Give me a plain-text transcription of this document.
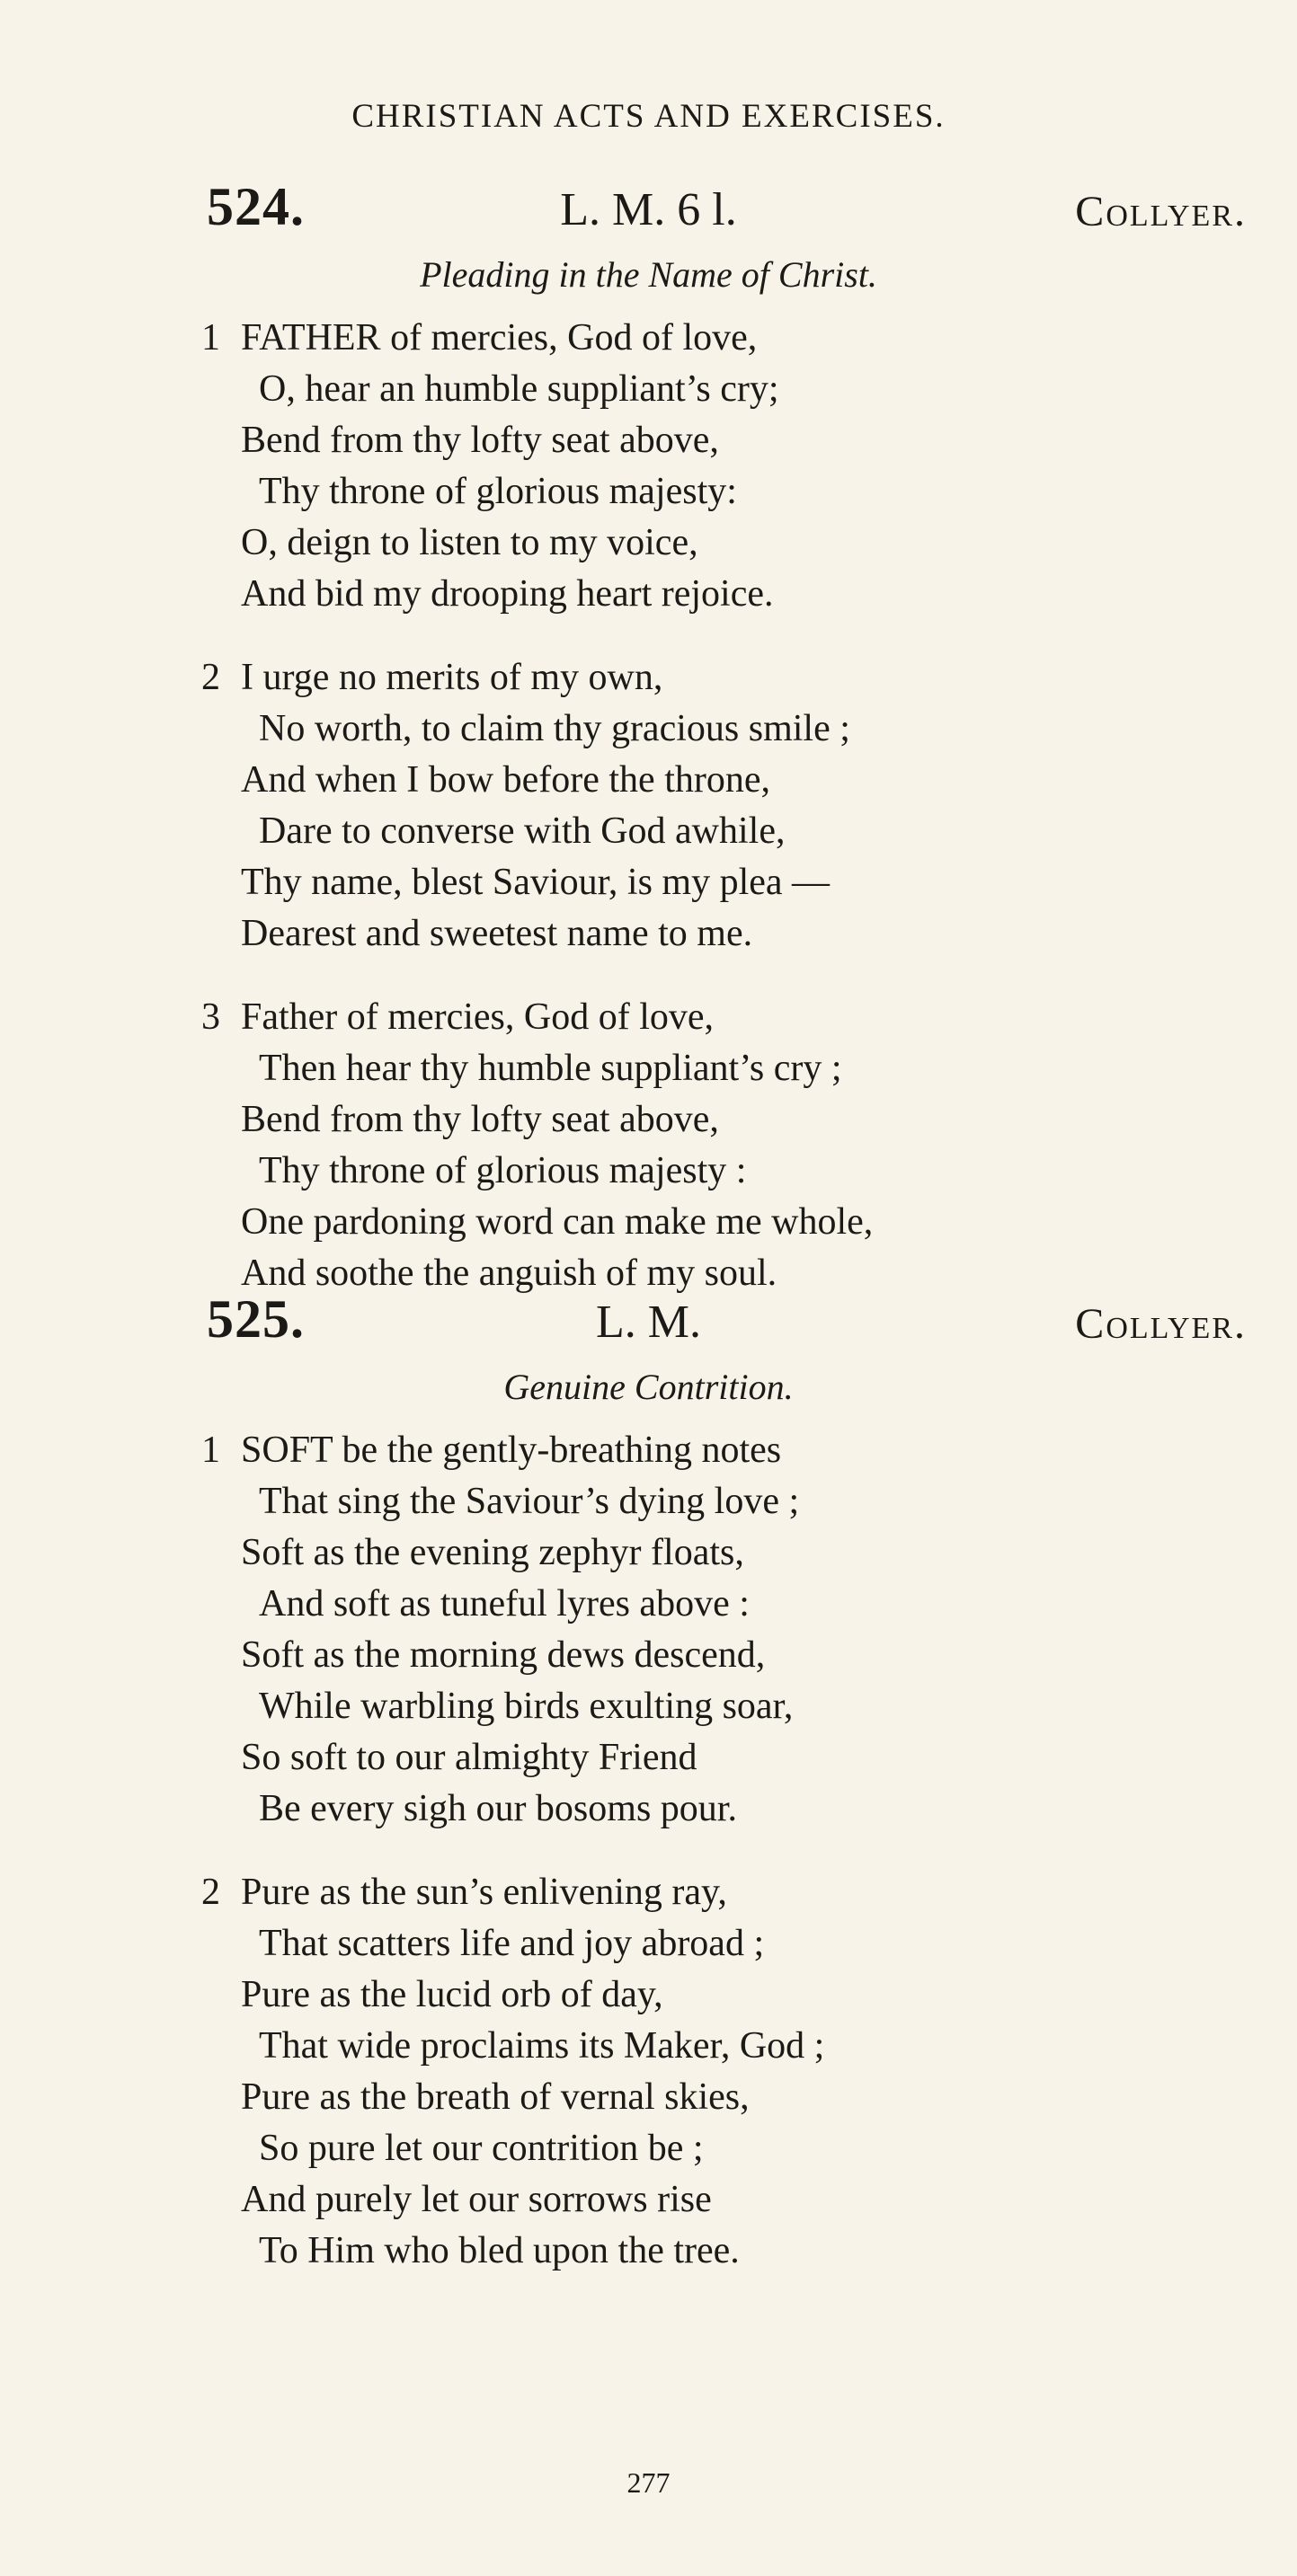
CHRISTIAN ACTS AND EXERCISES.
524.	L. M. 6 l.	Collyer.
Pleading in the Name of Christ.
1 FATHER of mercies, God of love,
O, hear an humble suppliant’s cry;
Bend from thy lofty seat above,
Thy throne of glorious majesty:
O, deign to listen to my voice,
And bid my drooping heart rejoice.
2 I urge no merits of my own,
No worth, to claim thy gracious smile ;
And when I bow before the throne,
Dare to converse with God awhile,
Thy name, blest Saviour, is my plea —
Dearest and sweetest name to me.
3 Father of mercies, God of love,
Then hear thy humble suppliant’s cry ;
Bend from thy lofty seat above,
Thy throne of glorious majesty :
One pardoning word can make me whole,
And soothe the anguish of my soul.
525.	L. M.	Collyer.
Genuine Contrition.
1 SOFT be the gently-breathing notes
That sing the Saviour’s dying love ;
Soft as the evening zephyr floats,
And soft as tuneful lyres above :
Soft as the morning dews descend,
While warbling birds exulting soar,
So soft to our almighty Friend
Be every sigh our bosoms pour.
2 Pure as the sun’s enlivening ray,
That scatters life and joy abroad ;
Pure as the lucid orb of day,
That wide proclaims its Maker, God ;
Pure as the breath of vernal skies,
So pure let our contrition be ;
And purely let our sorrows rise
To Him who bled upon the tree.
277
